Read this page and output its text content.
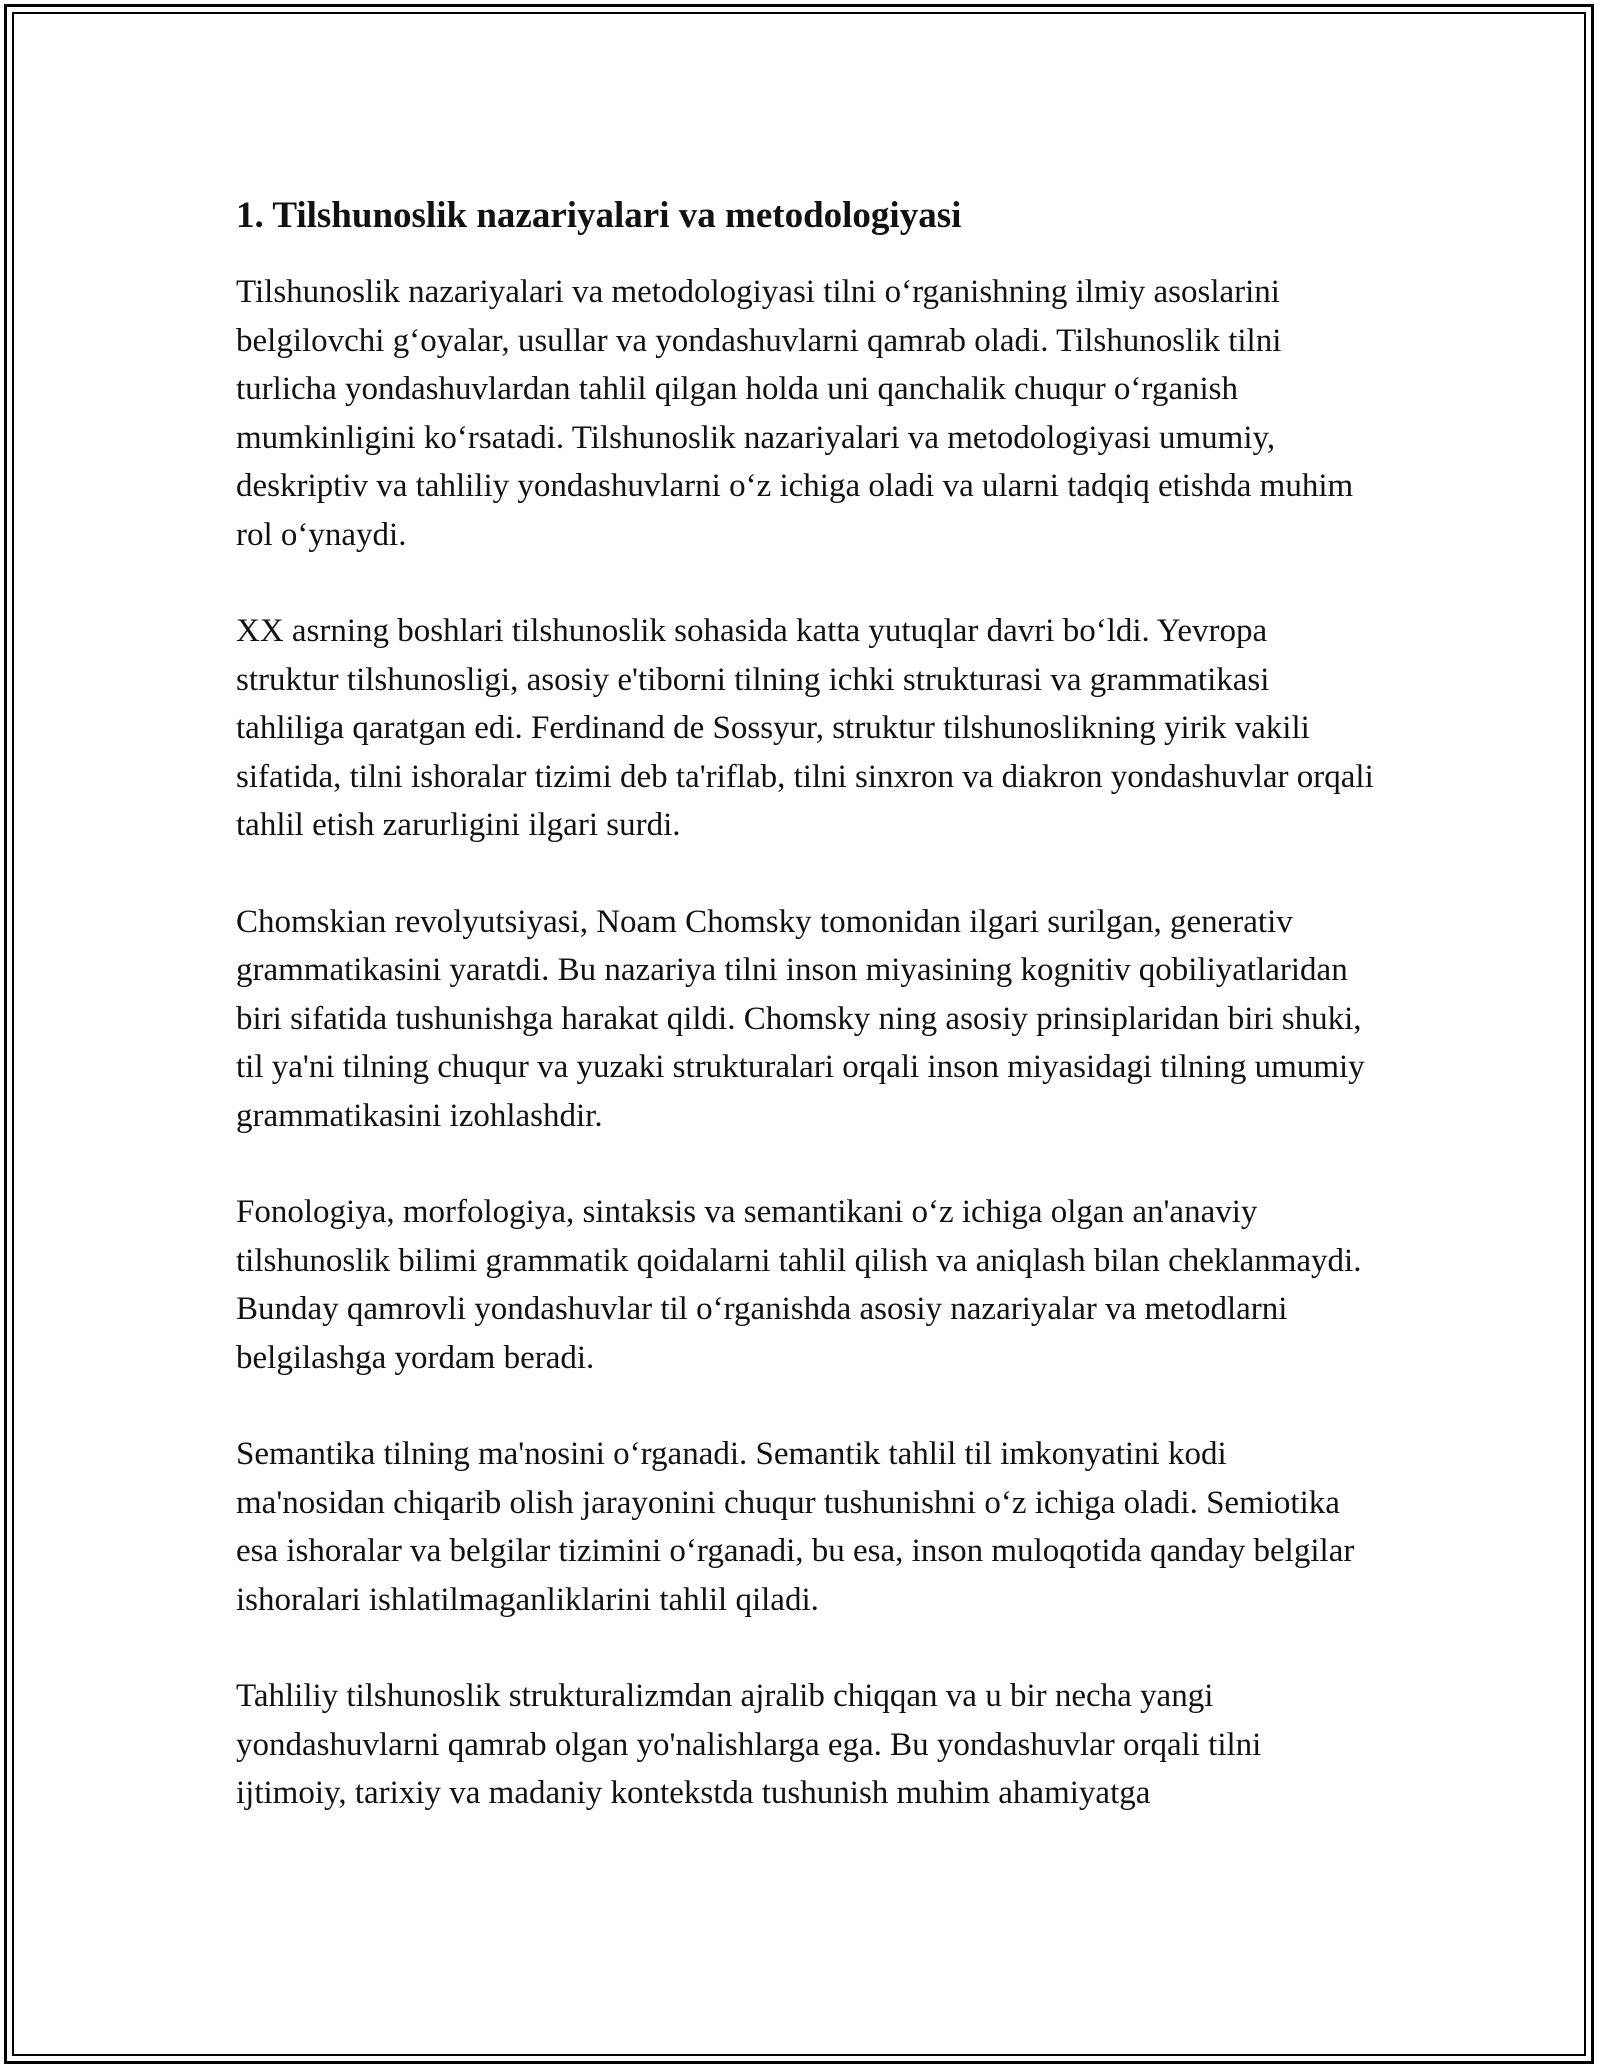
1. Tilshunoslik nazariyalari va metodologiyasi

Tilshunoslik nazariyalari va metodologiyasi tilni o‘rganishning ilmiy asoslarini belgilovchi g‘oyalar, usullar va yondashuvlarni qamrab oladi. Tilshunoslik tilni turlicha yondashuvlardan tahlil qilgan holda uni qanchalik chuqur o‘rganish mumkinligini ko‘rsatadi. Tilshunoslik nazariyalari va metodologiyasi umumiy, deskriptiv va tahliliy yondashuvlarni o‘z ichiga oladi va ularni tadqiq etishda muhim rol o‘ynaydi.

XX asrning boshlari tilshunoslik sohasida katta yutuqlar davri bo‘ldi. Yevropa struktur tilshunosligi, asosiy e'tiborni tilning ichki strukturasi va grammatikasi tahliliga qaratgan edi. Ferdinand de Sossyur, struktur tilshunoslikning yirik vakili sifatida, tilni ishoralar tizimi deb ta'riflab, tilni sinxron va diakron yondashuvlar orqali tahlil etish zarurligini ilgari surdi.

Chomskian revolyutsiyasi, Noam Chomsky tomonidan ilgari surilgan, generativ grammatikasini yaratdi. Bu nazariya tilni inson miyasining kognitiv qobiliyatlaridan biri sifatida tushunishga harakat qildi. Chomsky ning asosiy prinsiplaridan biri shuki, til ya'ni tilning chuqur va yuzaki strukturalari orqali inson miyasidagi tilning umumiy grammatikasini izohlashdir.

Fonologiya, morfologiya, sintaksis va semantikani o‘z ichiga olgan an'anaviy tilshunoslik bilimi grammatik qoidalarni tahlil qilish va aniqlash bilan cheklanmaydi. Bunday qamrovli yondashuvlar til o‘rganishda asosiy nazariyalar va metodlarni belgilashga yordam beradi.

Semantika tilning ma'nosini o‘rganadi. Semantik tahlil til imkonyatini kodi ma'nosidan chiqarib olish jarayonini chuqur tushunishni o‘z ichiga oladi. Semiotika esa ishoralar va belgilar tizimini o‘rganadi, bu esa, inson muloqotida qanday belgilar ishoralari ishlatilmaganliklarini tahlil qiladi.

Tahliliy tilshunoslik strukturalizmdan ajralib chiqqan va u bir necha yangi yondashuvlarni qamrab olgan yo'nalishlarga ega. Bu yondashuvlar orqali tilni ijtimoiy, tarixiy va madaniy kontekstda tushunish muhim ahamiyatga
